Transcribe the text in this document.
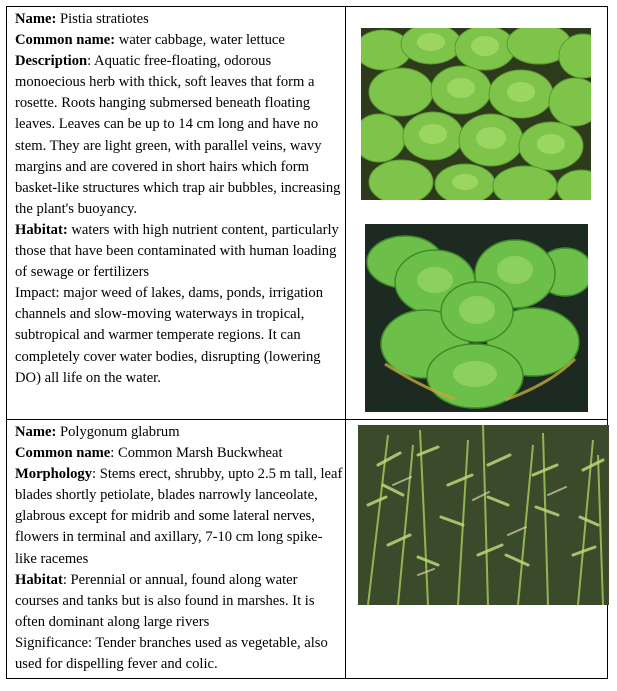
Name: Pistia stratiotes

Common name: water cabbage, water lettuce

Description: Aquatic free-floating, odorous monoecious herb with thick, soft leaves that form a rosette. Roots hanging submersed beneath floating leaves. Leaves can be up to 14 cm long and have no stem. They are light green, with parallel veins, wavy margins and are covered in short hairs which form basket-like structures which trap air bubbles, increasing the plant's buoyancy.

Habitat: waters with high nutrient content, particularly those that have been contaminated with human loading of sewage or fertilizers

Impact: major weed of lakes, dams, ponds, irrigation channels and slow-moving waterways in tropical, subtropical and warmer temperate regions. It can completely cover water bodies, disrupting (lowering DO) all life on the water.

Name: Polygonum glabrum

Common name: Common Marsh Buckwheat

Morphology: Stems erect, shrubby, upto 2.5 m tall, leaf blades shortly petiolate, blades narrowly lanceolate, glabrous except for midrib and some lateral nerves, flowers in terminal and axillary, 7-10 cm long spike-like racemes

Habitat: Perennial or annual, found along water courses and tanks but is also found in marshes. It is often dominant along large rivers

Significance: Tender branches used as vegetable, also used for dispelling fever and colic.
